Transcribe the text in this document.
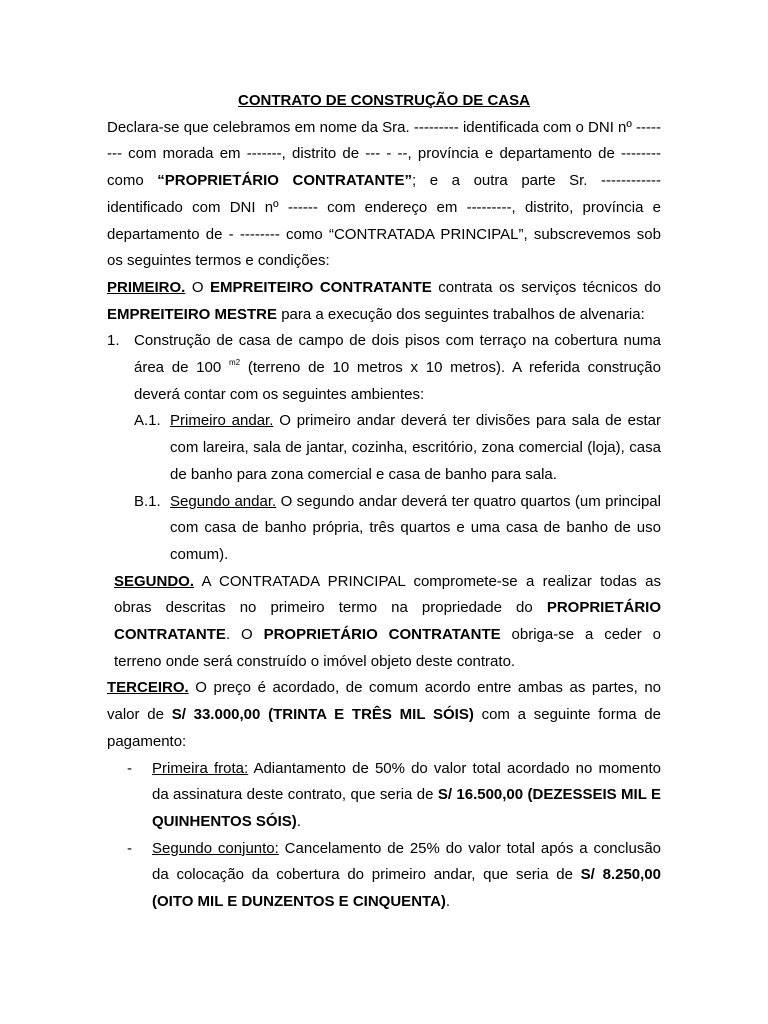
CONTRATO DE CONSTRUÇÃO DE CASA

Declara-se que celebramos em nome da Sra. --------- identificada com o DNI nº -------- com morada em -------, distrito de --- - --, província e departamento de -------- como “PROPRIETÁRIO CONTRATANTE”; e a outra parte Sr. ------------ identificado com DNI nº ------ com endereço em ---------, distrito, província e departamento de - -------- como “CONTRATADA PRINCIPAL”, subscrevemos sob os seguintes termos e condições:

PRIMEIRO. O EMPREITEIRO CONTRATANTE contrata os serviços técnicos do EMPREITEIRO MESTRE para a execução dos seguintes trabalhos de alvenaria:

1. Construção de casa de campo de dois pisos com terraço na cobertura numa área de 100 $^{m2}$ (terreno de 10 metros x 10 metros). A referida construção deverá contar com os seguintes ambientes:
A.1. Primeiro andar. O primeiro andar deverá ter divisões para sala de estar com lareira, sala de jantar, cozinha, escritório, zona comercial (loja), casa de banho para zona comercial e casa de banho para sala.
B.1. Segundo andar. O segundo andar deverá ter quatro quartos (um principal com casa de banho própria, três quartos e uma casa de banho de uso comum).

SEGUNDO. A CONTRATADA PRINCIPAL compromete-se a realizar todas as obras descritas no primeiro termo na propriedade do PROPRIETÁRIO CONTRATANTE. O PROPRIETÁRIO CONTRATANTE obriga-se a ceder o terreno onde será construído o imóvel objeto deste contrato.

TERCEIRO. O preço é acordado, de comum acordo entre ambas as partes, no valor de S/ 33.000,00 (TRINTA E TRÊS MIL SÓIS) com a seguinte forma de pagamento:

-	Primeira frota: Adiantamento de 50% do valor total acordado no momento da assinatura deste contrato, que seria de S/ 16.500,00 (DEZESSEIS MIL E QUINHENTOS SÓIS).
-	Segundo conjunto: Cancelamento de 25% do valor total após a conclusão da colocação da cobertura do primeiro andar, que seria de S/ 8.250,00 (OITO MIL E DUNZENTOS E CINQUENTA).
